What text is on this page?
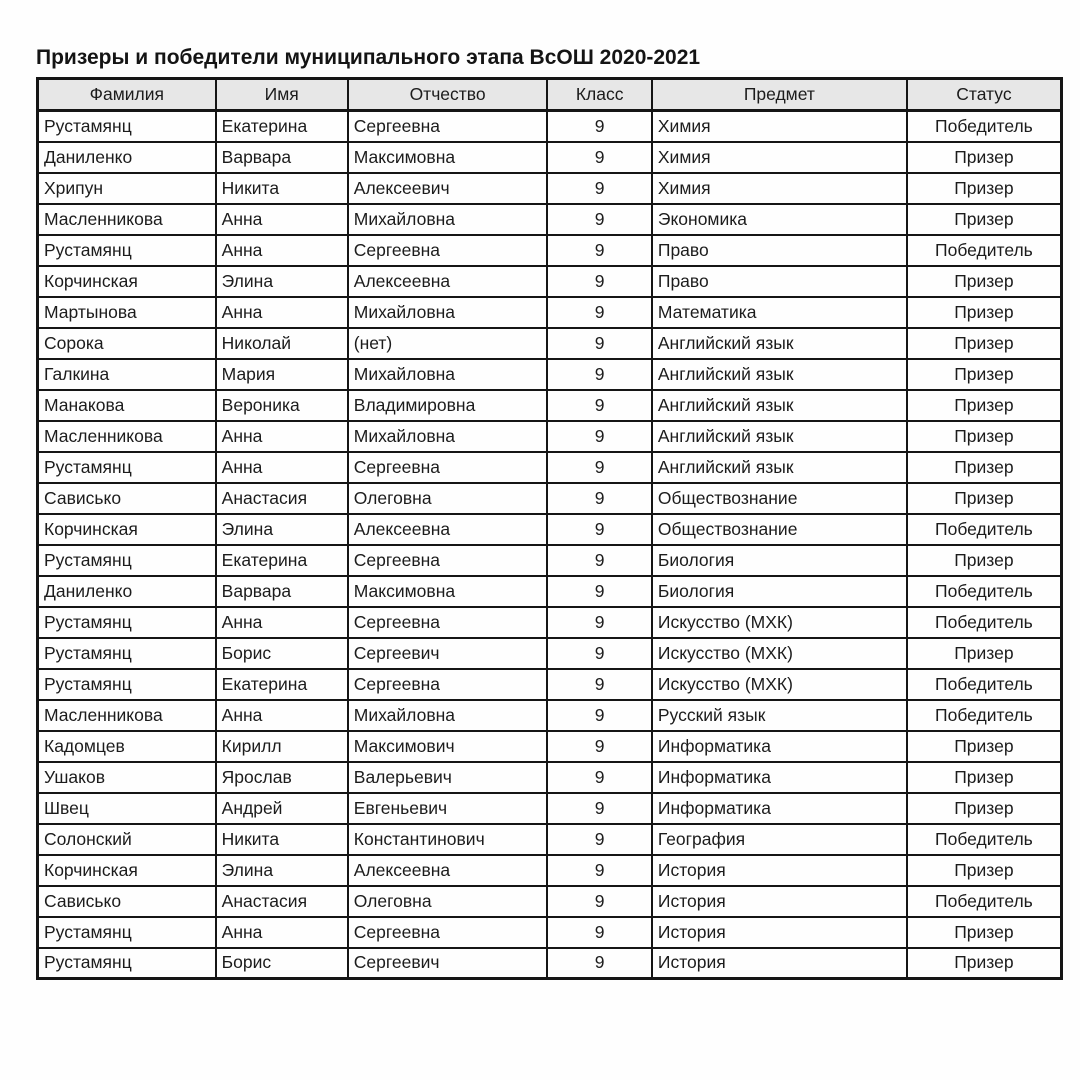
Призеры и победители муниципального этапа ВсОШ 2020-2021
Фамилия	Имя	Отчество	Класс	Предмет	Статус
Рустамянц	Екатерина	Сергеевна	9	Химия	Победитель
Даниленко	Варвара	Максимовна	9	Химия	Призер
Хрипун	Никита	Алексеевич	9	Химия	Призер
Масленникова	Анна	Михайловна	9	Экономика	Призер
Рустамянц	Анна	Сергеевна	9	Право	Победитель
Корчинская	Элина	Алексеевна	9	Право	Призер
Мартынова	Анна	Михайловна	9	Математика	Призер
Сорока	Николай	(нет)	9	Английский язык	Призер
Галкина	Мария	Михайловна	9	Английский язык	Призер
Манакова	Вероника	Владимировна	9	Английский язык	Призер
Масленникова	Анна	Михайловна	9	Английский язык	Призер
Рустамянц	Анна	Сергеевна	9	Английский язык	Призер
Сависько	Анастасия	Олеговна	9	Обществознание	Призер
Корчинская	Элина	Алексеевна	9	Обществознание	Победитель
Рустамянц	Екатерина	Сергеевна	9	Биология	Призер
Даниленко	Варвара	Максимовна	9	Биология	Победитель
Рустамянц	Анна	Сергеевна	9	Искусство (МХК)	Победитель
Рустамянц	Борис	Сергеевич	9	Искусство (МХК)	Призер
Рустамянц	Екатерина	Сергеевна	9	Искусство (МХК)	Победитель
Масленникова	Анна	Михайловна	9	Русский язык	Победитель
Кадомцев	Кирилл	Максимович	9	Информатика	Призер
Ушаков	Ярослав	Валерьевич	9	Информатика	Призер
Швец	Андрей	Евгеньевич	9	Информатика	Призер
Солонский	Никита	Константинович	9	География	Победитель
Корчинская	Элина	Алексеевна	9	История	Призер
Сависько	Анастасия	Олеговна	9	История	Победитель
Рустамянц	Анна	Сергеевна	9	История	Призер
Рустамянц	Борис	Сергеевич	9	История	Призер
